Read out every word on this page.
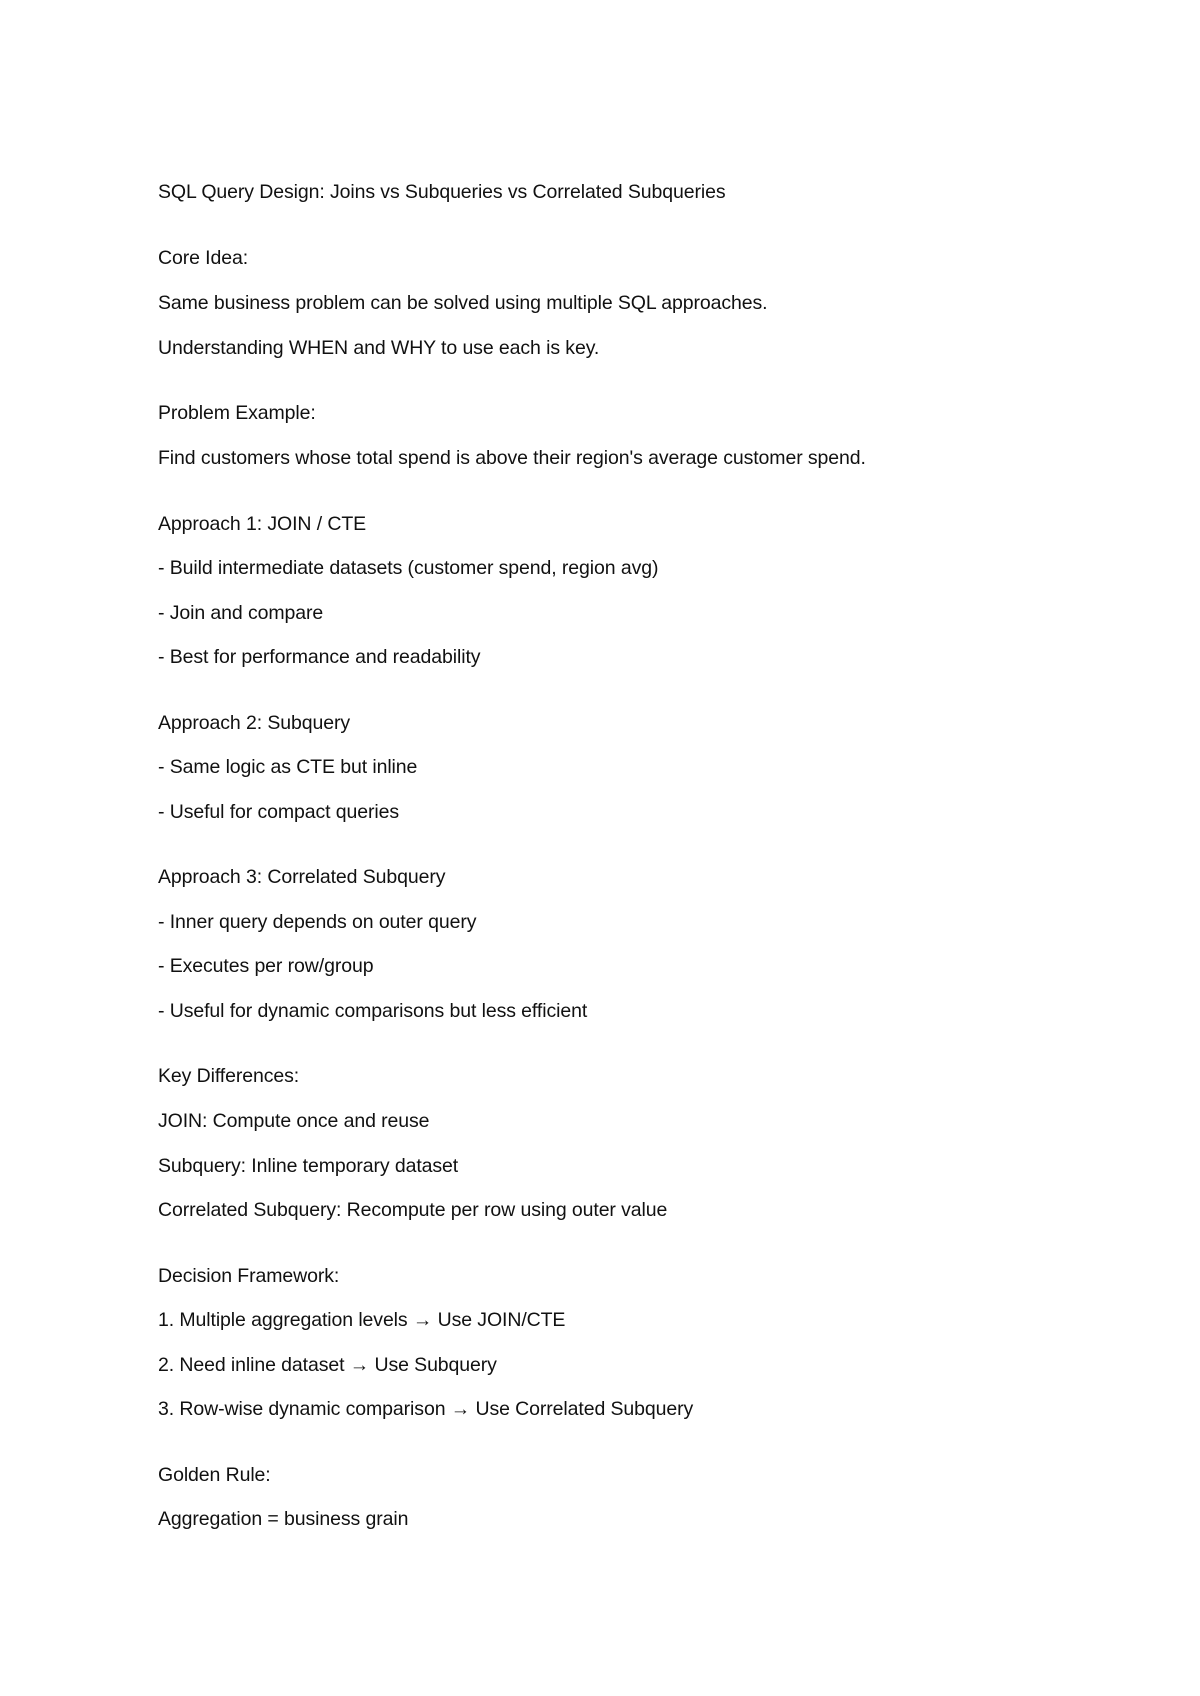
SQL Query Design: Joins vs Subqueries vs Correlated Subqueries
Core Idea:
Same business problem can be solved using multiple SQL approaches.
Understanding WHEN and WHY to use each is key.
Problem Example:
Find customers whose total spend is above their region's average customer spend.
Approach 1: JOIN / CTE
- Build intermediate datasets (customer spend, region avg)
- Join and compare
- Best for performance and readability
Approach 2: Subquery
- Same logic as CTE but inline
- Useful for compact queries
Approach 3: Correlated Subquery
- Inner query depends on outer query
- Executes per row/group
- Useful for dynamic comparisons but less efficient
Key Differences:
JOIN: Compute once and reuse
Subquery: Inline temporary dataset
Correlated Subquery: Recompute per row using outer value
Decision Framework:
1. Multiple aggregation levels → Use JOIN/CTE
2. Need inline dataset → Use Subquery
3. Row-wise dynamic comparison → Use Correlated Subquery
Golden Rule:
Aggregation = business grain
